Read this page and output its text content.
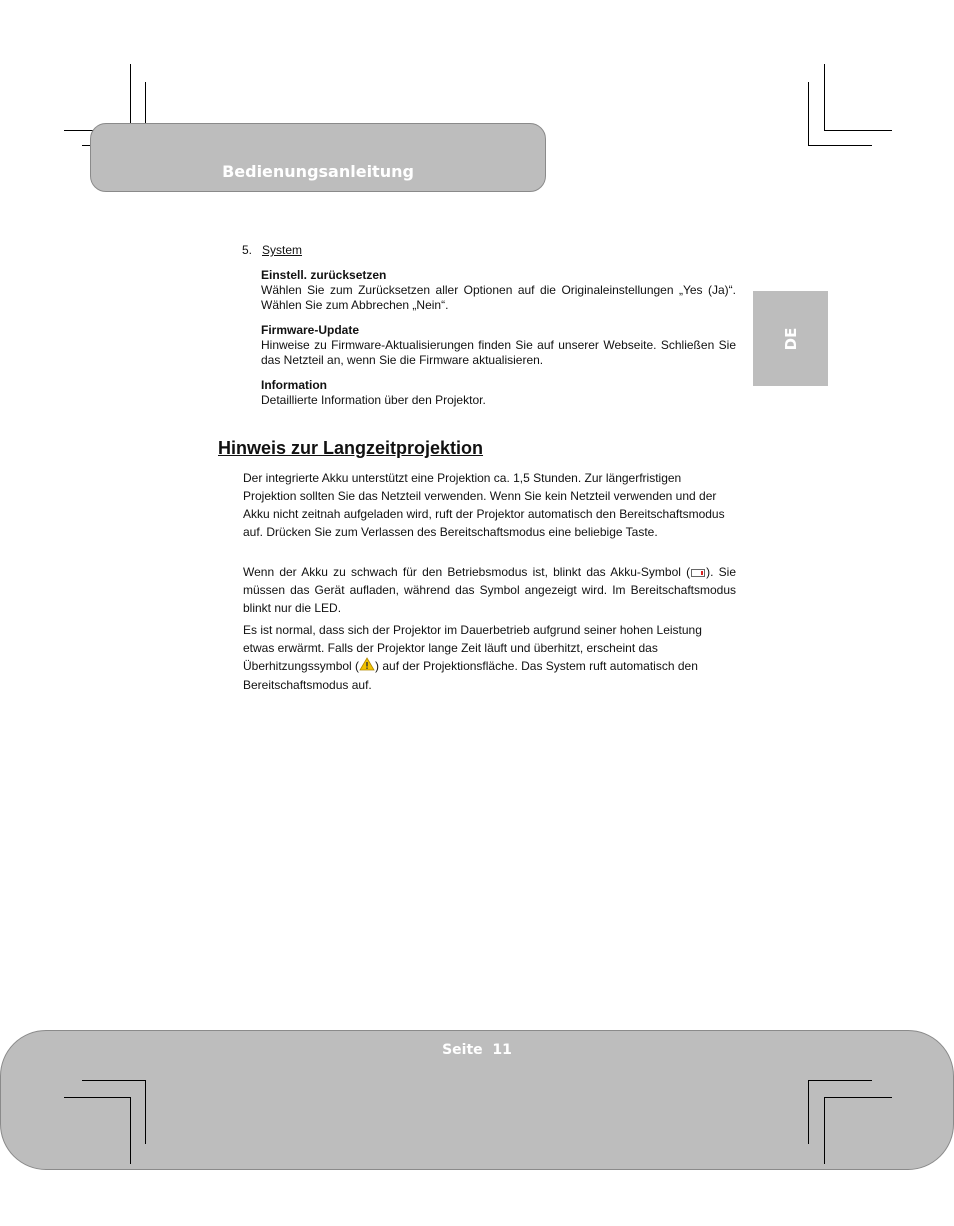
Bedienungsanleitung
DE
5. System
Einstell. zurücksetzen

Wählen Sie zum Zurücksetzen aller Optionen auf die Originaleinstellungen „Yes (Ja)“. Wählen Sie zum Abbrechen „Nein“.

Firmware-Update

Hinweise zu Firmware-Aktualisierungen finden Sie auf unserer Webseite. Schließen Sie das Netzteil an, wenn Sie die Firmware aktualisieren.

Information

Detaillierte Information über den Projektor.

Hinweis zur Langzeitprojektion

Der integrierte Akku unterstützt eine Projektion ca. 1,5 Stunden. Zur längerfristigen Projektion sollten Sie das Netzteil verwenden. Wenn Sie kein Netzteil verwenden und der Akku nicht zeitnah aufgeladen wird, ruft der Projektor automatisch den Bereitschaftsmodus auf. Drücken Sie zum Verlassen des Bereitschaftsmodus eine beliebige Taste.

Wenn der Akku zu schwach für den Betriebsmodus ist, blinkt das Akku-Symbol ( ). Sie müssen das Gerät aufladen, während das Symbol angezeigt wird. Im Bereitschaftsmodus blinkt nur die LED.

Es ist normal, dass sich der Projektor im Dauerbetrieb aufgrund seiner hohen Leistung etwas erwärmt. Falls der Projektor lange Zeit läuft und überhitzt, erscheint das Überhitzungssymbol ( ) auf der Projektionsfläche. Das System ruft automatisch den Bereitschaftsmodus auf.

Seite  11
